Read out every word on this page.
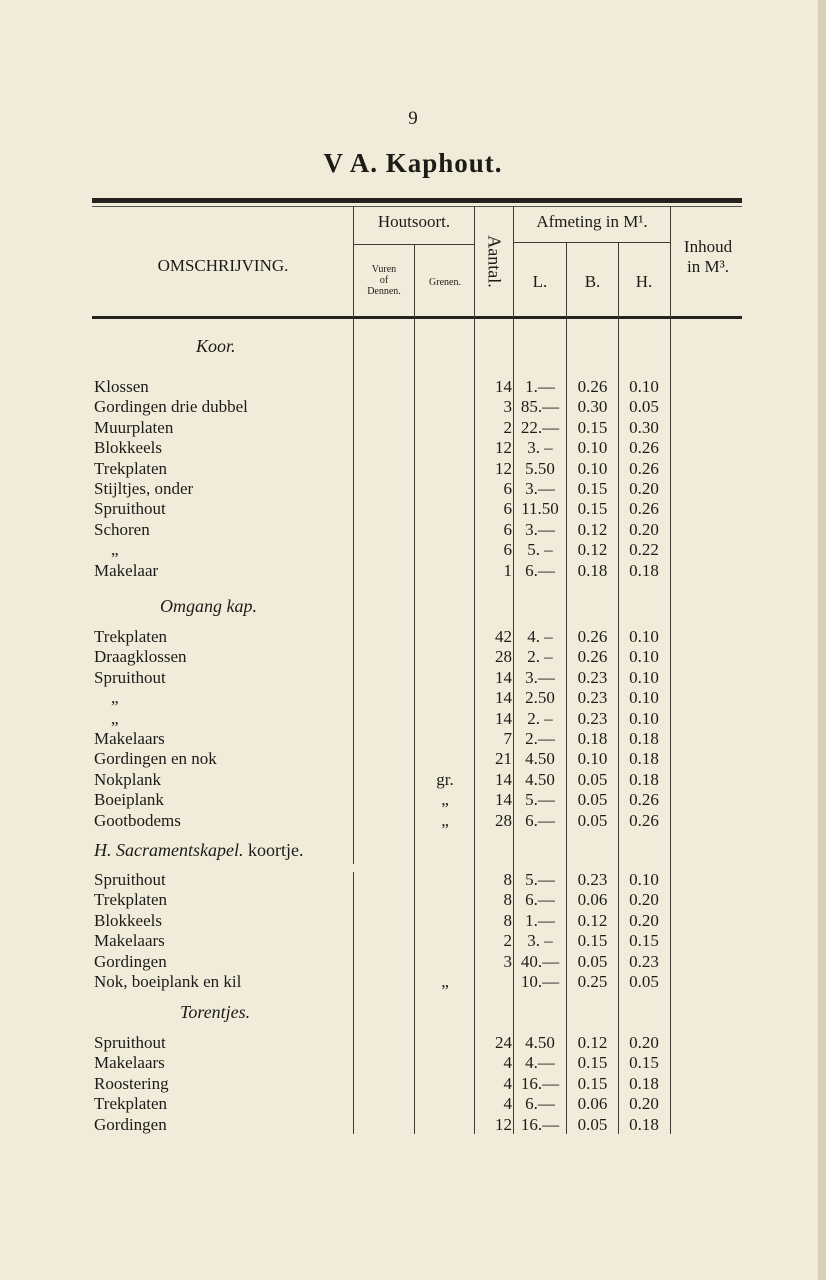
9
V A. Kaphout.
OMSCHRIJVING.
Houtsoort.
Vuren
of
Dennen.
Grenen.	Aantal.
Afmeting in M¹.
L.	B.	H.
Inhoud
in M³.
Koor.
Klossen	14 1.—	0.26	0.10
Gordingen drie dubbel	3 85.—	0.30	0.05
Muurplaten	2 22.—	0.15	0.30
Blokkeels	12 3. –	0.10	0.26
Trekplaten	12 5.50	0.10	0.26
Stijltjes, onder	6 3.—	0.15	0.20
Spruithout	6 11.50	0.15	0.26
Schoren	6 3.—	0.12	0.20
 „	6 5. –	0.12	0.22
Makelaar	1 6.—	0.18	0.18
Omgang kap.
Trekplaten	42 4. –	0.26	0.10
Draagklossen	28 2. –	0.26	0.10
Spruithout	14 3.—	0.23	0.10
 „	14 2.50	0.23	0.10
 „	14 2. –	0.23	0.10
Makelaars	7 2.—	0.18	0.18
Gordingen en nok	21 4.50	0.10	0.18
Nokplank	gr.	14 4.50	0.05	0.18
Boeiplank	„	14 5.—	0.05	0.26
Gootbodems	„	28 6.—	0.05	0.26
H. Sacramentskapel. koortje.
Spruithout	8 5.—	0.23	0.10
Trekplaten	8 6.—	0.06	0.20
Blokkeels	8 1.—	0.12	0.20
Makelaars	2 3. –	0.15	0.15
Gordingen	3 40.—	0.05	0.23
Nok, boeiplank en kil	„	10.—	0.25	0.05
Torentjes.
Spruithout	24 4.50	0.12	0.20
Makelaars	4 4.—	0.15	0.15
Roostering	4 16.—	0.15	0.18
Trekplaten	4 6.—	0.06	0.20
Gordingen	12 16.—	0.05	0.18
